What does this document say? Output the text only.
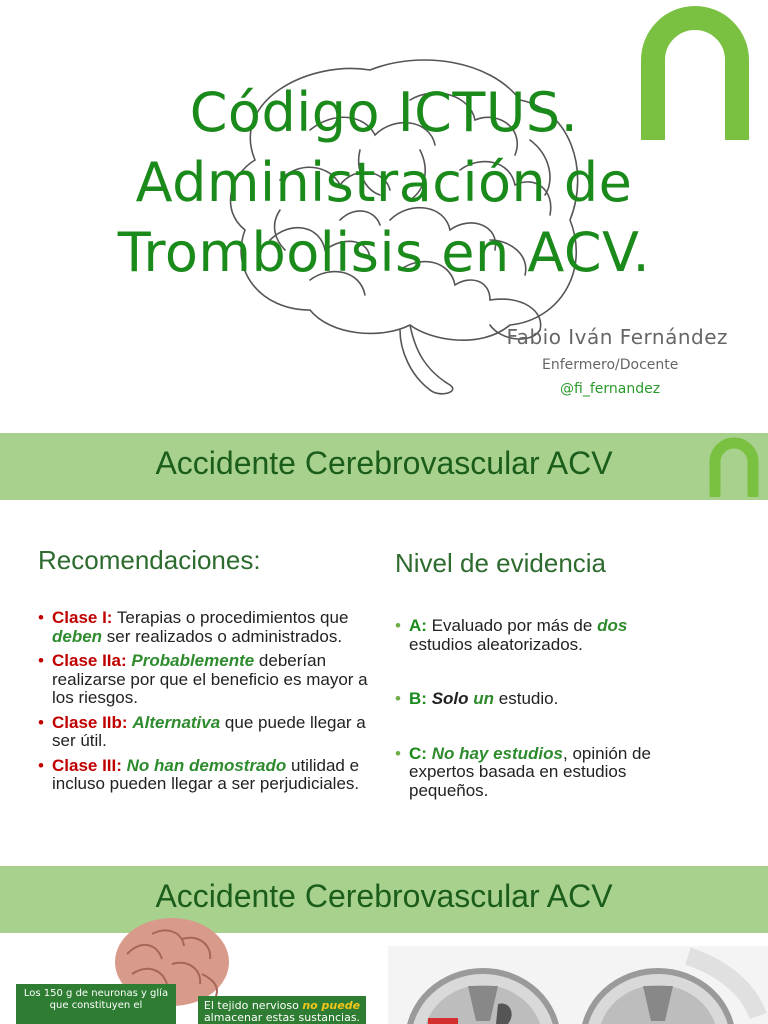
Código ICTUS.
Administración de
Trombolisis en ACV.
Fabio Iván Fernández
Enfermero/Docente
@fi_fernandez
Accidente Cerebrovascular ACV
Recomendaciones:	Nivel de evidencia
• Clase I: Terapias o procedimientos que deben ser realizados o administrados.
• Clase IIa: Probablemente deberían realizarse por que el beneficio es mayor a los riesgos.
• Clase IIb: Alternativa que puede llegar a ser útil.
• Clase III: No han demostrado utilidad e incluso pueden llegar a ser perjudiciales.
• A: Evaluado por más de dos estudios aleatorizados.
• B: Solo un estudio.
• C: No hay estudios, opinión de expertos basada en estudios pequeños.
Accidente Cerebrovascular ACV
Los 150 g de neuronas y glía que constituyen el	El tejido nervioso no puede almacenar estas sustancias.
